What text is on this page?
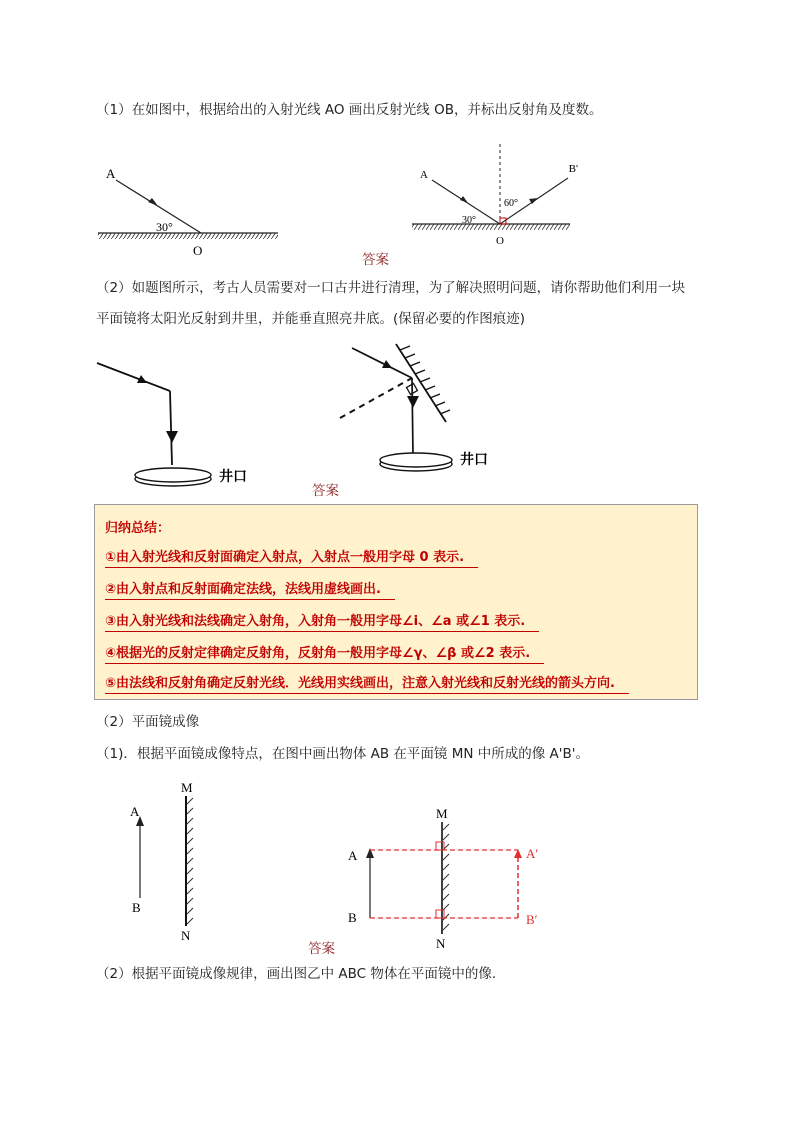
（1）在如图中，根据给出的入射光线 AO 画出反射光线 OB，并标出反射角及度数。
A
O
30°
A	B'
O
30°
60°
答案
（2）如题图所示，考古人员需要对一口古井进行清理，为了解决照明问题，请你帮助他们利用一块
平面镜将太阳光反射到井里，并能垂直照亮井底。(保留必要的作图痕迹)
井口
井口
答案
归纳总结：
①由入射光线和反射面确定入射点，入射点一般用字母 0 表示.
②由入射点和反射面确定法线，法线用虚线画出.
③由入射光线和法线确定入射角，入射角一般用字母∠i、∠a 或∠1 表示.
④根据光的反射定律确定反射角，反射角一般用字母∠γ、∠β 或∠2 表示.
⑤由法线和反射角确定反射光线．光线用实线画出，注意入射光线和反射光线的箭头方向.
（2）平面镜成像
（1)．根据平面镜成像特点，在图中画出物体 AB 在平面镜 MN 中所成的像 A'B'。
A
B
M
N
A
B
M
N
A′
B′
答案
（2）根据平面镜成像规律，画出图乙中 ABC 物体在平面镜中的像.
